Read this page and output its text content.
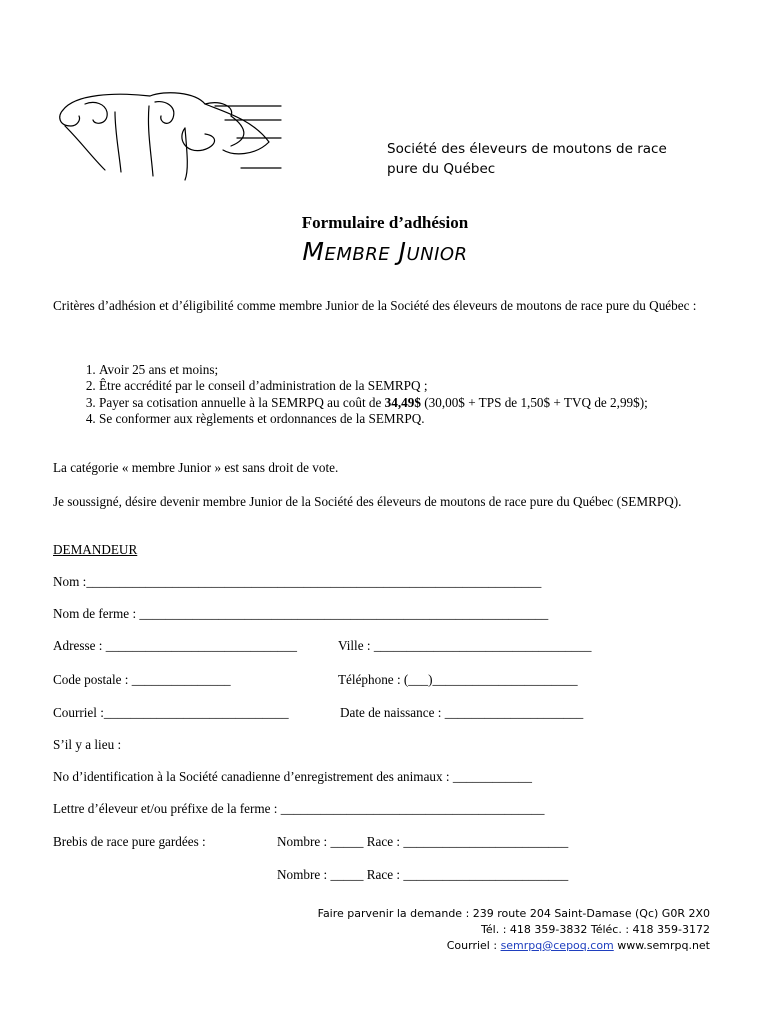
Société des éleveurs de moutons de race
pure du Québec
Formulaire d’adhésion
Membre Junior
Critères d’adhésion et d’éligibilité comme membre Junior de la Société des éleveurs de moutons de race pure du Québec :
1. Avoir 25 ans et moins;
2. Être accrédité par le conseil d’administration de la SEMRPQ ;
3. Payer sa cotisation annuelle à la SEMRPQ au coût de 34,49$ (30,00$ + TPS de 1,50$ + TVQ de 2,99$);
4. Se conformer aux règlements et ordonnances de la SEMRPQ.
La catégorie « membre Junior » est sans droit de vote.
Je soussigné, désire devenir membre Junior de la Société des éleveurs de moutons de race pure du Québec (SEMRPQ).
DEMANDEUR
Nom :_____________________________________________________________________
Nom de ferme : ______________________________________________________________
Adresse : _____________________________	Ville : _________________________________
Code postale : _______________	Téléphone : (___)______________________
Courriel :____________________________	Date de naissance : _____________________
S’il y a lieu :
No d’identification à la Société canadienne d’enregistrement des animaux : ____________
Lettre d’éleveur et/ou préfixe de la ferme : ________________________________________
Brebis de race pure gardées :	Nombre : _____ Race : _________________________
Nombre : _____ Race : _________________________
Faire parvenir la demande : 239 route 204 Saint-Damase (Qc) G0R 2X0
Tél. : 418 359-3832 Téléc. : 418 359-3172
Courriel : semrpq@cepoq.com www.semrpq.net
